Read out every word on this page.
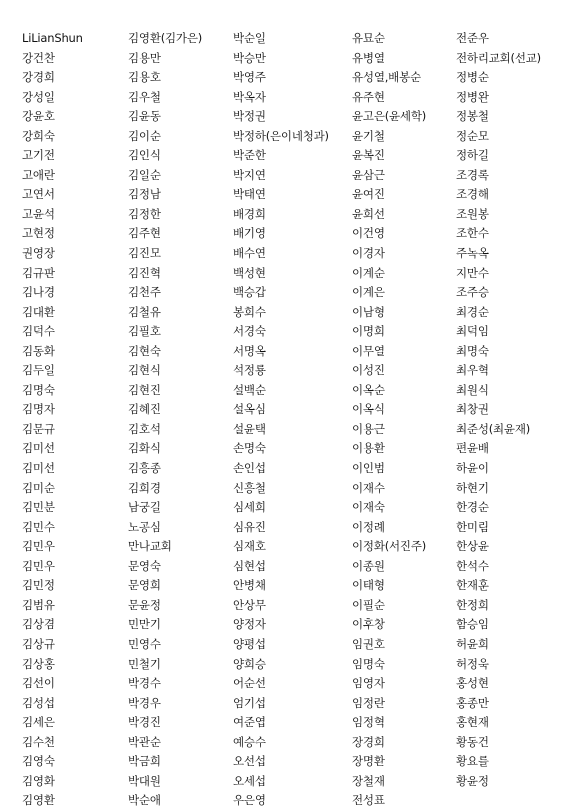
LiLianShun
강건찬
강경희
강성일
강윤호
강희숙
고기전
고애란
고연서
고윤석
고현정
권영장
김규판
김나경
김대환
김덕수
김동화
김두일
김명숙
김명자
김문규
김미선
김미선
김미순
김민분
김민수
김민우
김민우
김민정
김범유
김상겸
김상규
김상홍
김선이
김성섭
김세은
김수천
김영숙
김영화
김영환
김영환(김가은)
김용만
김용호
김우철
김윤동
김이순
김인식
김일순
김정남
김정한
김주현
김진모
김진혁
김천주
김철유
김필호
김현숙
김현식
김현진
김혜진
김호석
김화식
김흥종
김희경
남궁길
노공심
만나교회
문영숙
문영희
문윤정
민만기
민영수
민철기
박경수
박경우
박경진
박관순
박금희
박대원
박순애
박순일
박승만
박영주
박옥자
박정권
박정하(은이네청과)
박준한
박지연
박태연
배경희
배기영
배수연
백성현
백승갑
봉희수
서경숙
서명옥
석정룡
설백순
설옥심
설윤택
손명숙
손인섭
신흥철
심세희
심유진
심재호
심현섭
안병채
안상무
양정자
양평섭
양희승
어순선
엄기섭
여준엽
예승수
오선섭
오세섭
우은영
유묘순
유병열
유성열,배봉순
유주현
윤고은(윤세학)
윤기철
윤복진
윤삼근
윤여진
윤희선
이건영
이경자
이계순
이계은
이남형
이명희
이무열
이성진
이옥순
이옥식
이용근
이용환
이인범
이재수
이재숙
이정례
이정화(서진주)
이종원
이태형
이필순
이후창
임권호
임명숙
임영자
임정란
임정혁
장경희
장명환
장철재
전성표
전준우
전하리교회(선교)
정병순
정병완
정봉철
정순모
정하길
조경록
조경해
조원봉
조한수
주녹옥
지만수
조주승
최경순
최덕임
최명숙
최우혁
최원식
최창권
최준성(최윤재)
편윤배
하윤이
하현기
한경순
한미림
한상윤
한석수
한재훈
한정희
함승임
허윤희
허정욱
홍성현
홍종만
홍현재
황동건
황요를
황윤정
